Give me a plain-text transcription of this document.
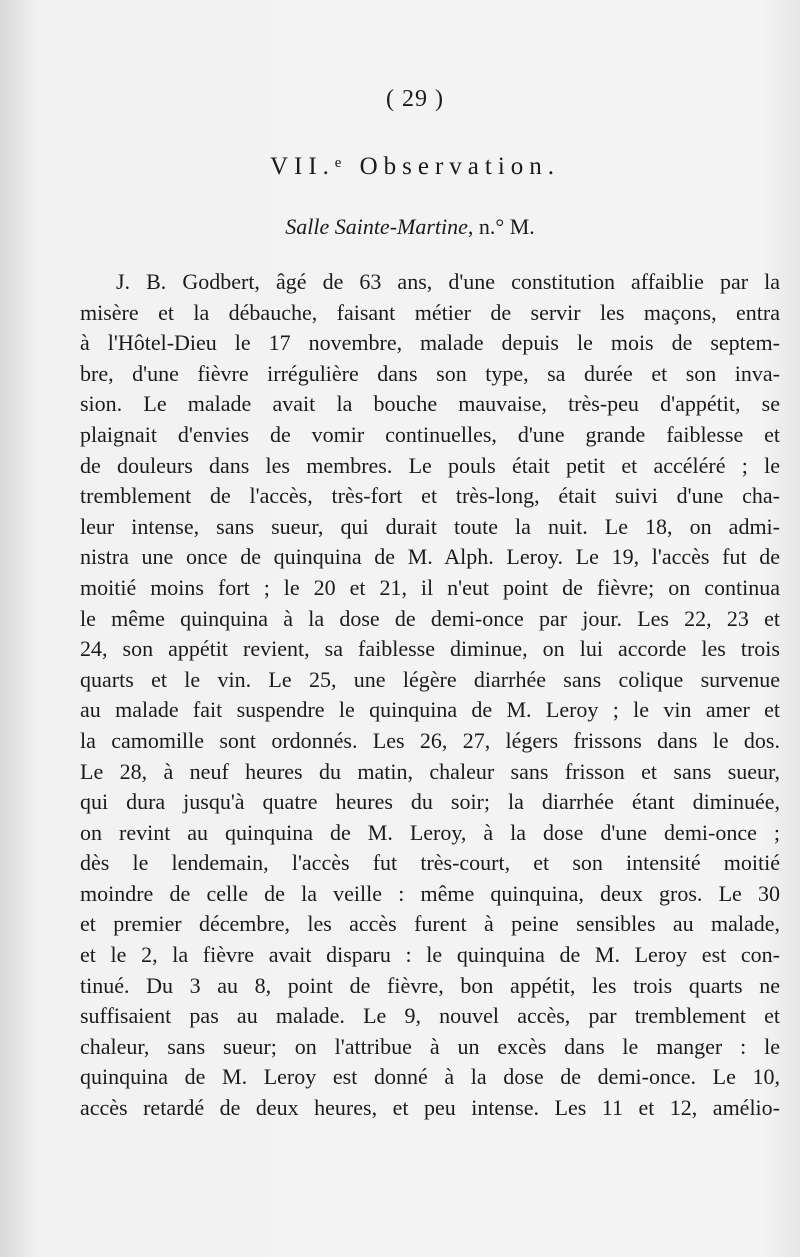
( 29 )
VII.ᵉ Observation.
Salle Sainte-Martine, n.° M.
J. B. Godbert, âgé de 63 ans, d'une constitution affaiblie par la
misère et la débauche, faisant métier de servir les maçons, entra
à l'Hôtel-Dieu le 17 novembre, malade depuis le mois de septem-
bre, d'une fièvre irrégulière dans son type, sa durée et son inva-
sion. Le malade avait la bouche mauvaise, très-peu d'appétit, se
plaignait d'envies de vomir continuelles, d'une grande faiblesse et
de douleurs dans les membres. Le pouls était petit et accéléré ; le
tremblement de l'accès, très-fort et très-long, était suivi d'une cha-
leur intense, sans sueur, qui durait toute la nuit. Le 18, on admi-
nistra une once de quinquina de M. Alph. Leroy. Le 19, l'accès fut de
moitié moins fort ; le 20 et 21, il n'eut point de fièvre; on continua
le même quinquina à la dose de demi-once par jour. Les 22, 23 et
24, son appétit revient, sa faiblesse diminue, on lui accorde les trois
quarts et le vin. Le 25, une légère diarrhée sans colique survenue
au malade fait suspendre le quinquina de M. Leroy ; le vin amer et
la camomille sont ordonnés. Les 26, 27, légers frissons dans le dos.
Le 28, à neuf heures du matin, chaleur sans frisson et sans sueur,
qui dura jusqu'à quatre heures du soir; la diarrhée étant diminuée,
on revint au quinquina de M. Leroy, à la dose d'une demi-once ;
dès le lendemain, l'accès fut très-court, et son intensité moitié
moindre de celle de la veille : même quinquina, deux gros. Le 30
et premier décembre, les accès furent à peine sensibles au malade,
et le 2, la fièvre avait disparu : le quinquina de M. Leroy est con-
tinué. Du 3 au 8, point de fièvre, bon appétit, les trois quarts ne
suffisaient pas au malade. Le 9, nouvel accès, par tremblement et
chaleur, sans sueur; on l'attribue à un excès dans le manger : le
quinquina de M. Leroy est donné à la dose de demi-once. Le 10,
accès retardé de deux heures, et peu intense. Les 11 et 12, amélio-
